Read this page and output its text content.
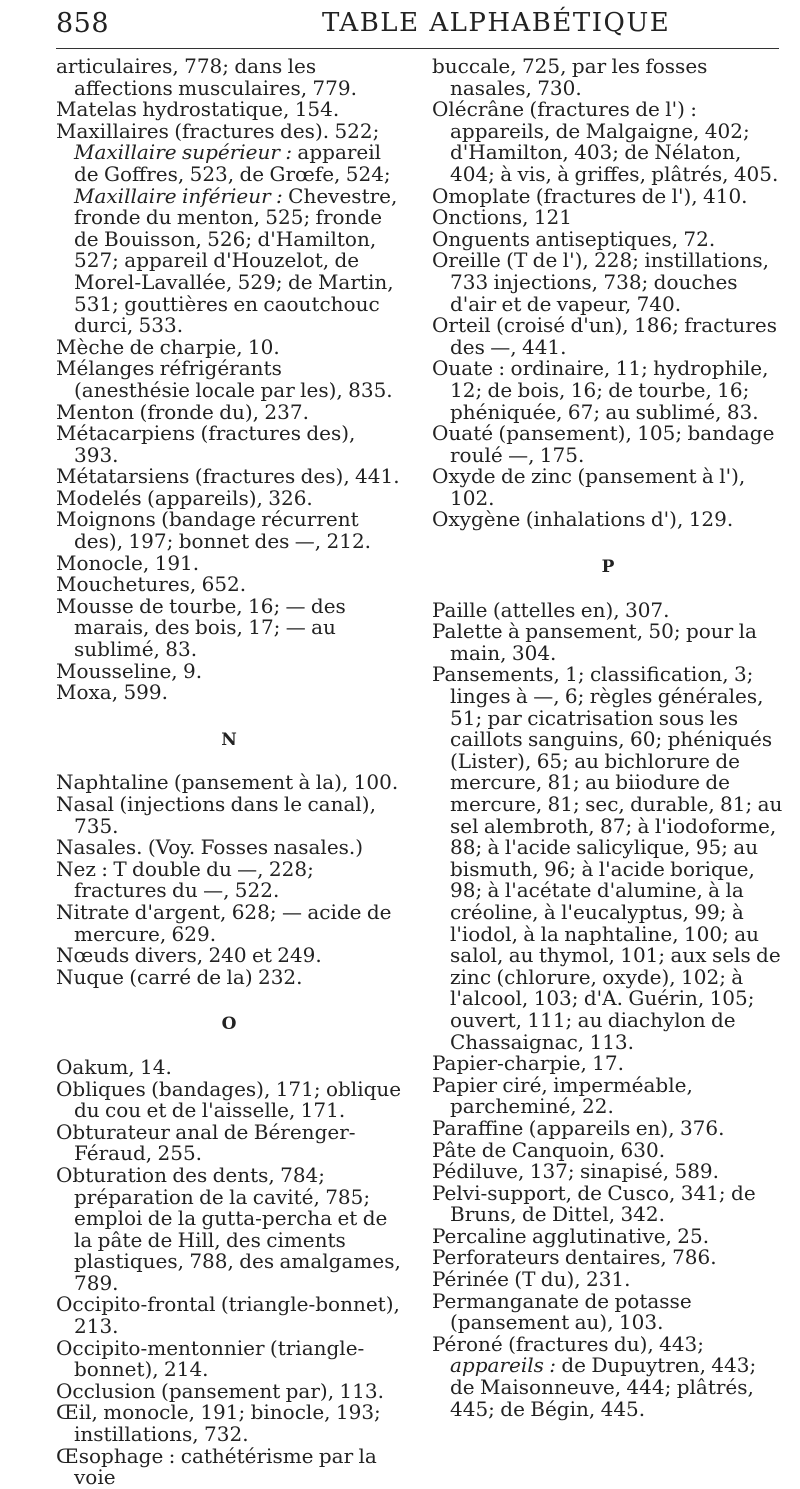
858	TABLE ALPHABÉTIQUE

articulaires, 778; dans les affections musculaires, 779.

Matelas hydrostatique, 154.

Maxillaires (fractures des). 522; Maxillaire supérieur : appareil de Goffres, 523, de Grœfe, 524; Maxillaire inférieur : Chevestre, fronde du menton, 525; fronde de Bouisson, 526; d'Hamilton, 527; appareil d'Houzelot, de Morel-Lavallée, 529; de Martin, 531; gouttières en caoutchouc durci, 533.

Mèche de charpie, 10.

Mélanges réfrigérants (anesthésie locale par les), 835.

Menton (fronde du), 237.

Métacarpiens (fractures des), 393.

Métatarsiens (fractures des), 441.

Modelés (appareils), 326.

Moignons (bandage récurrent des), 197; bonnet des —, 212.

Monocle, 191.

Mouchetures, 652.

Mousse de tourbe, 16; — des marais, des bois, 17; — au sublimé, 83.

Mousseline, 9.

Moxa, 599.

N

Naphtaline (pansement à la), 100.

Nasal (injections dans le canal), 735.

Nasales. (Voy. Fosses nasales.)

Nez : T double du —, 228; fractures du —, 522.

Nitrate d'argent, 628; — acide de mercure, 629.

Nœuds divers, 240 et 249.

Nuque (carré de la) 232.

O

Oakum, 14.

Obliques (bandages), 171; oblique du cou et de l'aisselle, 171.

Obturateur anal de Bérenger-Féraud, 255.

Obturation des dents, 784; préparation de la cavité, 785; emploi de la gutta-percha et de la pâte de Hill, des ciments plastiques, 788, des amalgames, 789.

Occipito-frontal (triangle-bonnet), 213.

Occipito-mentonnier (triangle-bonnet), 214.

Occlusion (pansement par), 113.

Œil, monocle, 191; binocle, 193; instillations, 732.

Œsophage : cathétérisme par la voie

buccale, 725, par les fosses nasales, 730.

Olécrâne (fractures de l') : appareils, de Malgaigne, 402; d'Hamilton, 403; de Nélaton, 404; à vis, à griffes, plâtrés, 405.

Omoplate (fractures de l'), 410.

Onctions, 121

Onguents antiseptiques, 72.

Oreille (T de l'), 228; instillations, 733 injections, 738; douches d'air et de vapeur, 740.

Orteil (croisé d'un), 186; fractures des —, 441.

Ouate : ordinaire, 11; hydrophile, 12; de bois, 16; de tourbe, 16; phéniquée, 67; au sublimé, 83.

Ouaté (pansement), 105; bandage roulé —, 175.

Oxyde de zinc (pansement à l'), 102.

Oxygène (inhalations d'), 129.

P

Paille (attelles en), 307.

Palette à pansement, 50; pour la main, 304.

Pansements, 1; classification, 3; linges à —, 6; règles générales, 51; par cicatrisation sous les caillots sanguins, 60; phéniqués (Lister), 65; au bichlorure de mercure, 81; au biiodure de mercure, 81; sec, durable, 81; au sel alembroth, 87; à l'iodoforme, 88; à l'acide salicylique, 95; au bismuth, 96; à l'acide borique, 98; à l'acétate d'alumine, à la créoline, à l'eucalyptus, 99; à l'iodol, à la naphtaline, 100; au salol, au thymol, 101; aux sels de zinc (chlorure, oxyde), 102; à l'alcool, 103; d'A. Guérin, 105; ouvert, 111; au diachylon de Chassaignac, 113.

Papier-charpie, 17.

Papier ciré, imperméable, parcheminé, 22.

Paraffine (appareils en), 376.

Pâte de Canquoin, 630.

Pédiluve, 137; sinapisé, 589.

Pelvi-support, de Cusco, 341; de Bruns, de Dittel, 342.

Percaline agglutinative, 25.

Perforateurs dentaires, 786.

Périnée (T du), 231.

Permanganate de potasse (pansement au), 103.

Péroné (fractures du), 443; appareils : de Dupuytren, 443; de Maisonneuve, 444; plâtrés, 445; de Bégin, 445.
